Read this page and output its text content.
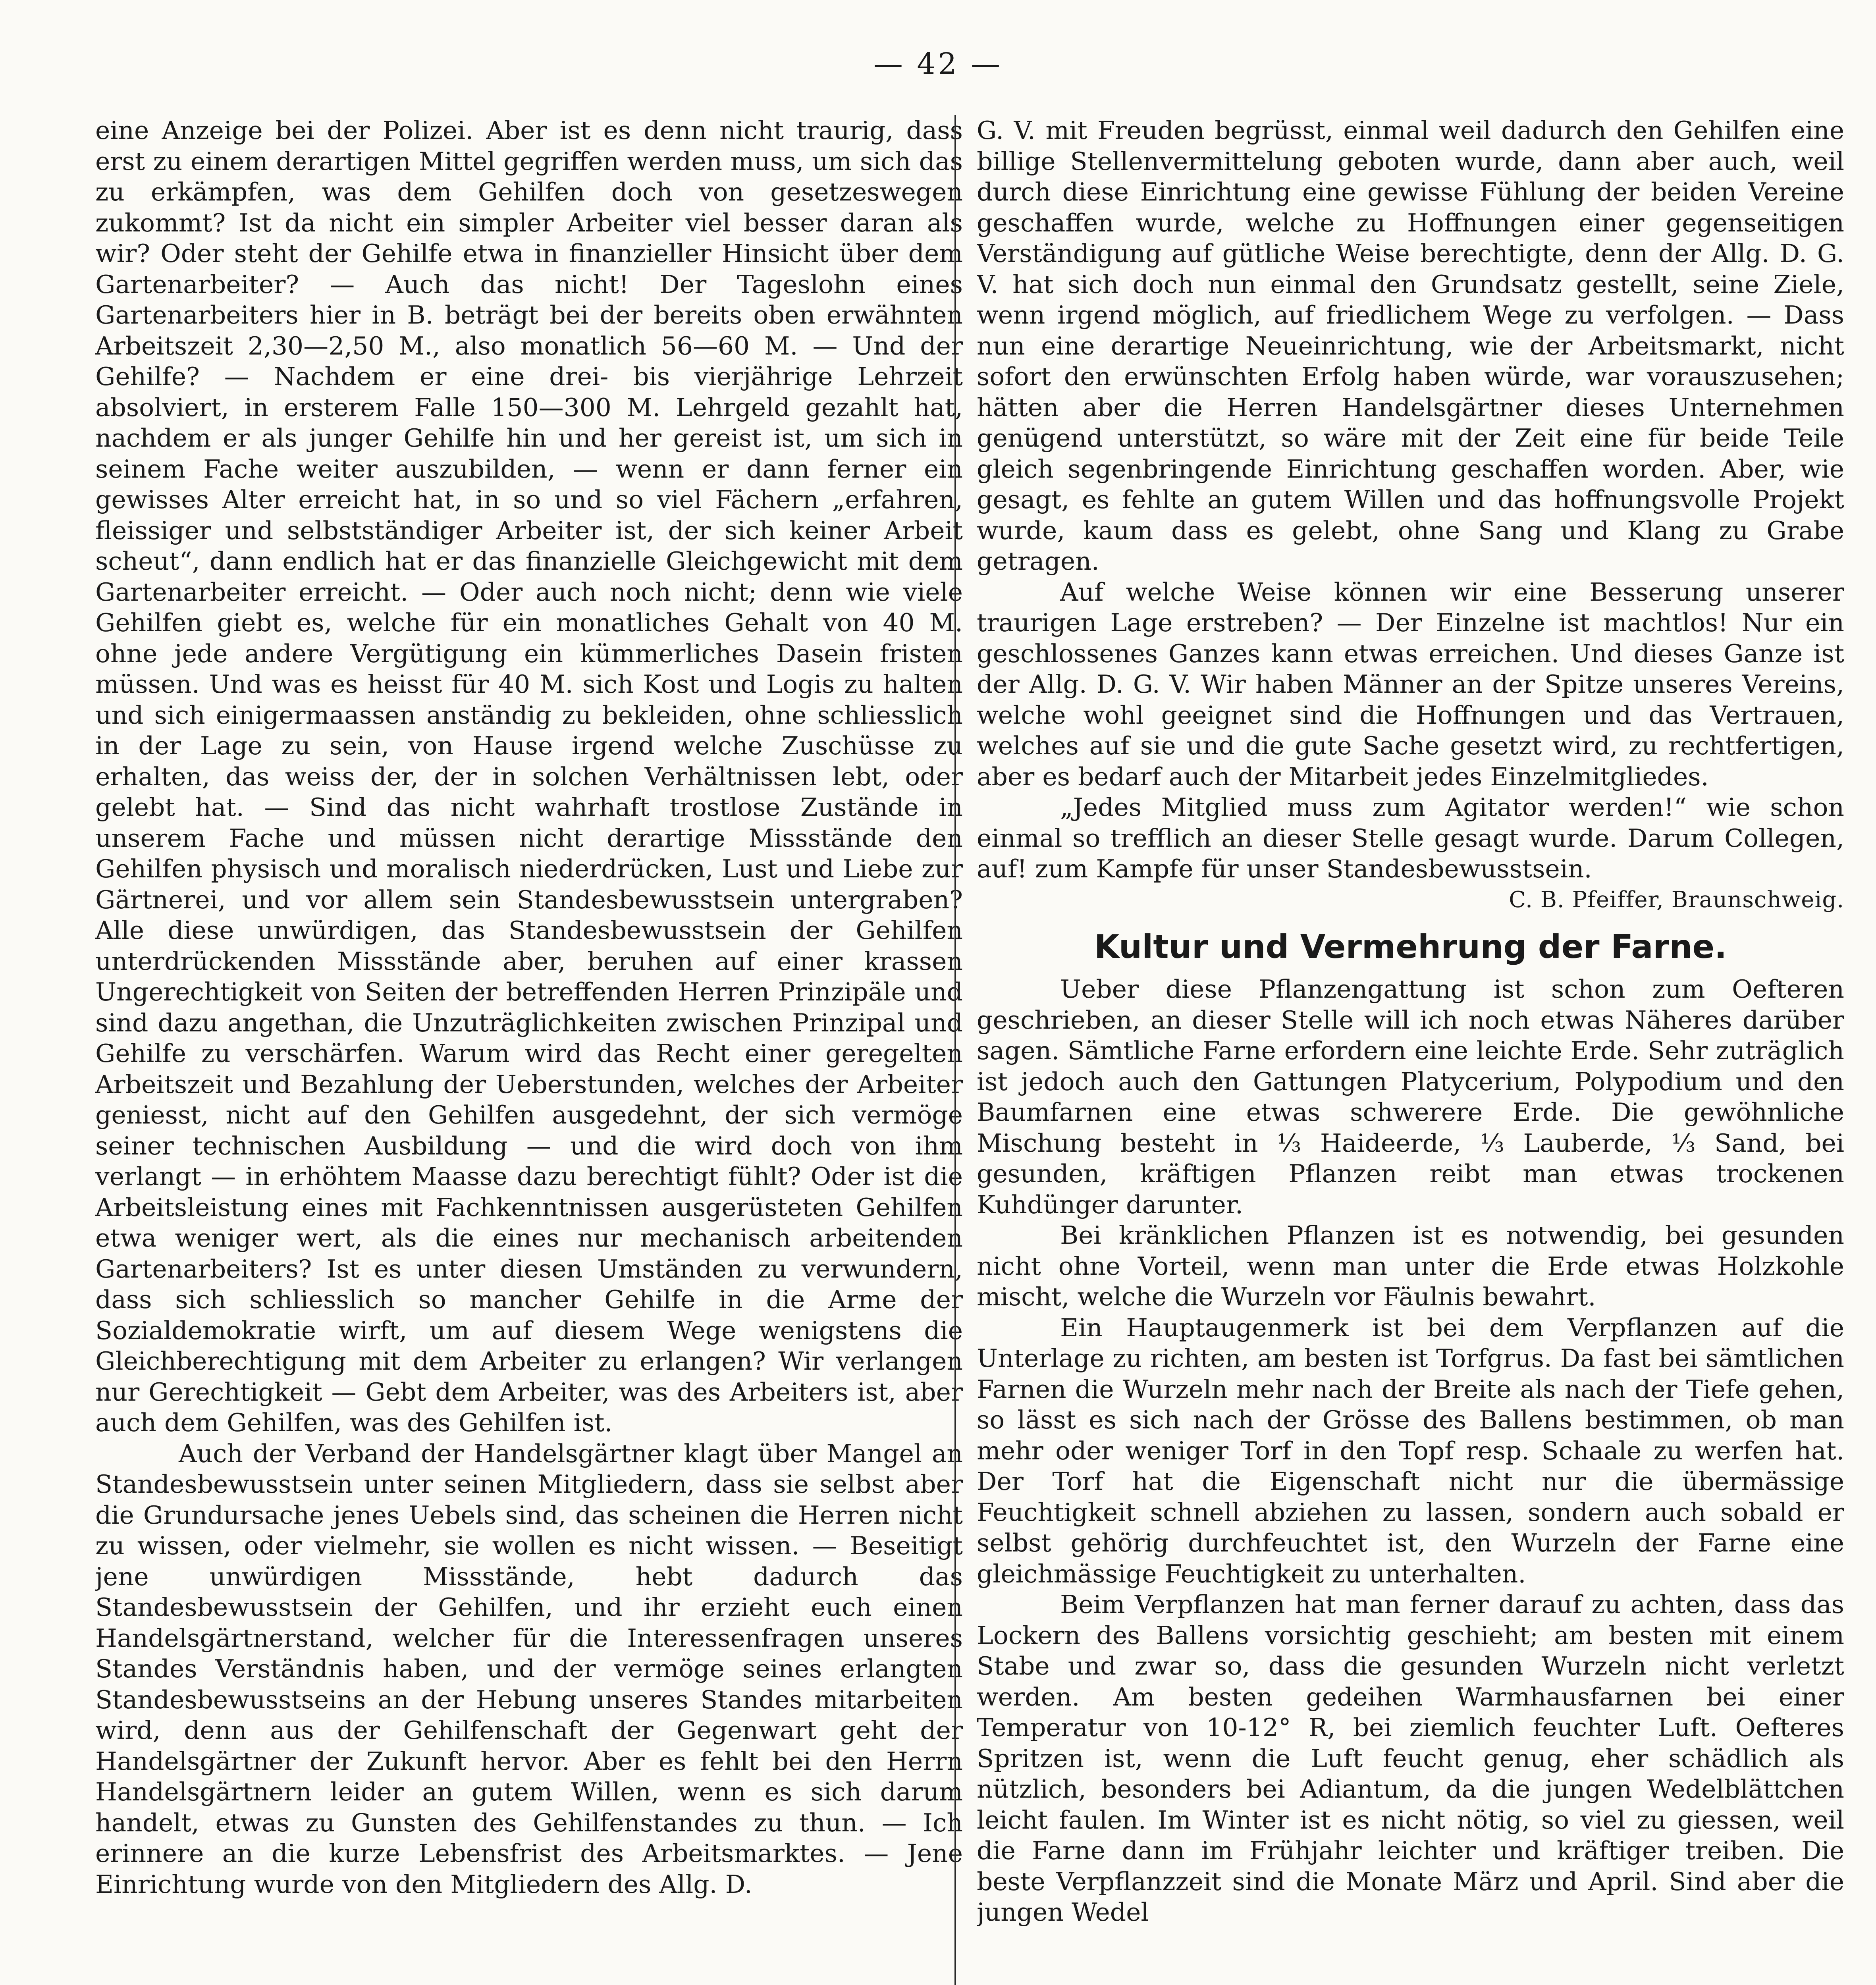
— 42 —

eine Anzeige bei der Polizei. Aber ist es denn nicht traurig, dass erst zu einem derartigen Mittel gegriffen werden muss, um sich das zu erkämpfen, was dem Gehilfen doch von gesetzeswegen zukommt? Ist da nicht ein simpler Arbeiter viel besser daran als wir? Oder steht der Gehilfe etwa in finanzieller Hinsicht über dem Gartenarbeiter? — Auch das nicht! Der Tageslohn eines Gartenarbeiters hier in B. beträgt bei der bereits oben erwähnten Arbeitszeit 2,30—2,50 M., also monatlich 56—60 M. — Und der Gehilfe? — Nachdem er eine drei- bis vierjährige Lehrzeit absolviert, in ersterem Falle 150—300 M. Lehrgeld gezahlt hat, nachdem er als junger Gehilfe hin und her gereist ist, um sich in seinem Fache weiter auszubilden, — wenn er dann ferner ein gewisses Alter erreicht hat, in so und so viel Fächern „erfahren, fleissiger und selbstständiger Arbeiter ist, der sich keiner Arbeit scheut“, dann endlich hat er das finanzielle Gleichgewicht mit dem Gartenarbeiter erreicht. — Oder auch noch nicht; denn wie viele Gehilfen giebt es, welche für ein monatliches Gehalt von 40 M. ohne jede andere Vergütigung ein kümmerliches Dasein fristen müssen. Und was es heisst für 40 M. sich Kost und Logis zu halten und sich einigermaassen anständig zu bekleiden, ohne schliesslich in der Lage zu sein, von Hause irgend welche Zuschüsse zu erhalten, das weiss der, der in solchen Verhältnissen lebt, oder gelebt hat. — Sind das nicht wahrhaft trostlose Zustände in unserem Fache und müssen nicht derartige Missstände den Gehilfen physisch und moralisch niederdrücken, Lust und Liebe zur Gärtnerei, und vor allem sein Standesbewusstsein untergraben? Alle diese unwürdigen, das Standesbewusstsein der Gehilfen unterdrückenden Missstände aber, beruhen auf einer krassen Ungerechtigkeit von Seiten der betreffenden Herren Prinzipäle und sind dazu angethan, die Unzuträglichkeiten zwischen Prinzipal und Gehilfe zu verschärfen. Warum wird das Recht einer geregelten Arbeitszeit und Bezahlung der Ueberstunden, welches der Arbeiter geniesst, nicht auf den Gehilfen ausgedehnt, der sich vermöge seiner technischen Ausbildung — und die wird doch von ihm verlangt — in erhöhtem Maasse dazu berechtigt fühlt? Oder ist die Arbeitsleistung eines mit Fachkenntnissen ausgerüsteten Gehilfen etwa weniger wert, als die eines nur mechanisch arbeitenden Gartenarbeiters? Ist es unter diesen Umständen zu verwundern, dass sich schliesslich so mancher Gehilfe in die Arme der Sozialdemokratie wirft, um auf diesem Wege wenigstens die Gleichberechtigung mit dem Arbeiter zu erlangen? Wir verlangen nur Gerechtigkeit — Gebt dem Arbeiter, was des Arbeiters ist, aber auch dem Gehilfen, was des Gehilfen ist.

Auch der Verband der Handelsgärtner klagt über Mangel an Standesbewusstsein unter seinen Mitgliedern, dass sie selbst aber die Grundursache jenes Uebels sind, das scheinen die Herren nicht zu wissen, oder vielmehr, sie wollen es nicht wissen. — Beseitigt jene unwürdigen Missstände, hebt dadurch das Standesbewusstsein der Gehilfen, und ihr erzieht euch einen Handelsgärtnerstand, welcher für die Interessenfragen unseres Standes Verständnis haben, und der vermöge seines erlangten Standesbewusstseins an der Hebung unseres Standes mitarbeiten wird, denn aus der Gehilfenschaft der Gegenwart geht der Handelsgärtner der Zukunft hervor. Aber es fehlt bei den Herrn Handelsgärtnern leider an gutem Willen, wenn es sich darum handelt, etwas zu Gunsten des Gehilfenstandes zu thun. — Ich erinnere an die kurze Lebensfrist des Arbeitsmarktes. — Jene Einrichtung wurde von den Mitgliedern des Allg. D.

G. V. mit Freuden begrüsst, einmal weil dadurch den Gehilfen eine billige Stellenvermittelung geboten wurde, dann aber auch, weil durch diese Einrichtung eine gewisse Fühlung der beiden Vereine geschaffen wurde, welche zu Hoffnungen einer gegenseitigen Verständigung auf gütliche Weise berechtigte, denn der Allg. D. G. V. hat sich doch nun einmal den Grundsatz gestellt, seine Ziele, wenn irgend möglich, auf friedlichem Wege zu verfolgen. — Dass nun eine derartige Neueinrichtung, wie der Arbeitsmarkt, nicht sofort den erwünschten Erfolg haben würde, war vorauszusehen; hätten aber die Herren Handelsgärtner dieses Unternehmen genügend unterstützt, so wäre mit der Zeit eine für beide Teile gleich segenbringende Einrichtung geschaffen worden. Aber, wie gesagt, es fehlte an gutem Willen und das hoffnungsvolle Projekt wurde, kaum dass es gelebt, ohne Sang und Klang zu Grabe getragen.

Auf welche Weise können wir eine Besserung unserer traurigen Lage erstreben? — Der Einzelne ist machtlos! Nur ein geschlossenes Ganzes kann etwas erreichen. Und dieses Ganze ist der Allg. D. G. V. Wir haben Männer an der Spitze unseres Vereins, welche wohl geeignet sind die Hoffnungen und das Vertrauen, welches auf sie und die gute Sache gesetzt wird, zu rechtfertigen, aber es bedarf auch der Mitarbeit jedes Einzelmitgliedes.

„Jedes Mitglied muss zum Agitator werden!“ wie schon einmal so trefflich an dieser Stelle gesagt wurde. Darum Collegen, auf! zum Kampfe für unser Standesbewusstsein.

C. B. Pfeiffer, Braunschweig.

Kultur und Vermehrung der Farne.

Ueber diese Pflanzengattung ist schon zum Oefteren geschrieben, an dieser Stelle will ich noch etwas Näheres darüber sagen. Sämtliche Farne erfordern eine leichte Erde. Sehr zuträglich ist jedoch auch den Gattungen Platycerium, Polypodium und den Baumfarnen eine etwas schwerere Erde. Die gewöhnliche Mischung besteht in ⅓ Haideerde, ⅓ Lauberde, ⅓ Sand, bei gesunden, kräftigen Pflanzen reibt man etwas trockenen Kuhdünger darunter.

Bei kränklichen Pflanzen ist es notwendig, bei gesunden nicht ohne Vorteil, wenn man unter die Erde etwas Holzkohle mischt, welche die Wurzeln vor Fäulnis bewahrt.

Ein Hauptaugenmerk ist bei dem Verpflanzen auf die Unterlage zu richten, am besten ist Torfgrus. Da fast bei sämtlichen Farnen die Wurzeln mehr nach der Breite als nach der Tiefe gehen, so lässt es sich nach der Grösse des Ballens bestimmen, ob man mehr oder weniger Torf in den Topf resp. Schaale zu werfen hat. Der Torf hat die Eigenschaft nicht nur die übermässige Feuchtigkeit schnell abziehen zu lassen, sondern auch sobald er selbst gehörig durchfeuchtet ist, den Wurzeln der Farne eine gleichmässige Feuchtigkeit zu unterhalten.

Beim Verpflanzen hat man ferner darauf zu achten, dass das Lockern des Ballens vorsichtig geschieht; am besten mit einem Stabe und zwar so, dass die gesunden Wurzeln nicht verletzt werden. Am besten gedeihen Warmhausfarnen bei einer Temperatur von 10-12° R, bei ziemlich feuchter Luft. Oefteres Spritzen ist, wenn die Luft feucht genug, eher schädlich als nützlich, besonders bei Adiantum, da die jungen Wedelblättchen leicht faulen. Im Winter ist es nicht nötig, so viel zu giessen, weil die Farne dann im Frühjahr leichter und kräftiger treiben. Die beste Verpflanzzeit sind die Monate März und April. Sind aber die jungen Wedel
